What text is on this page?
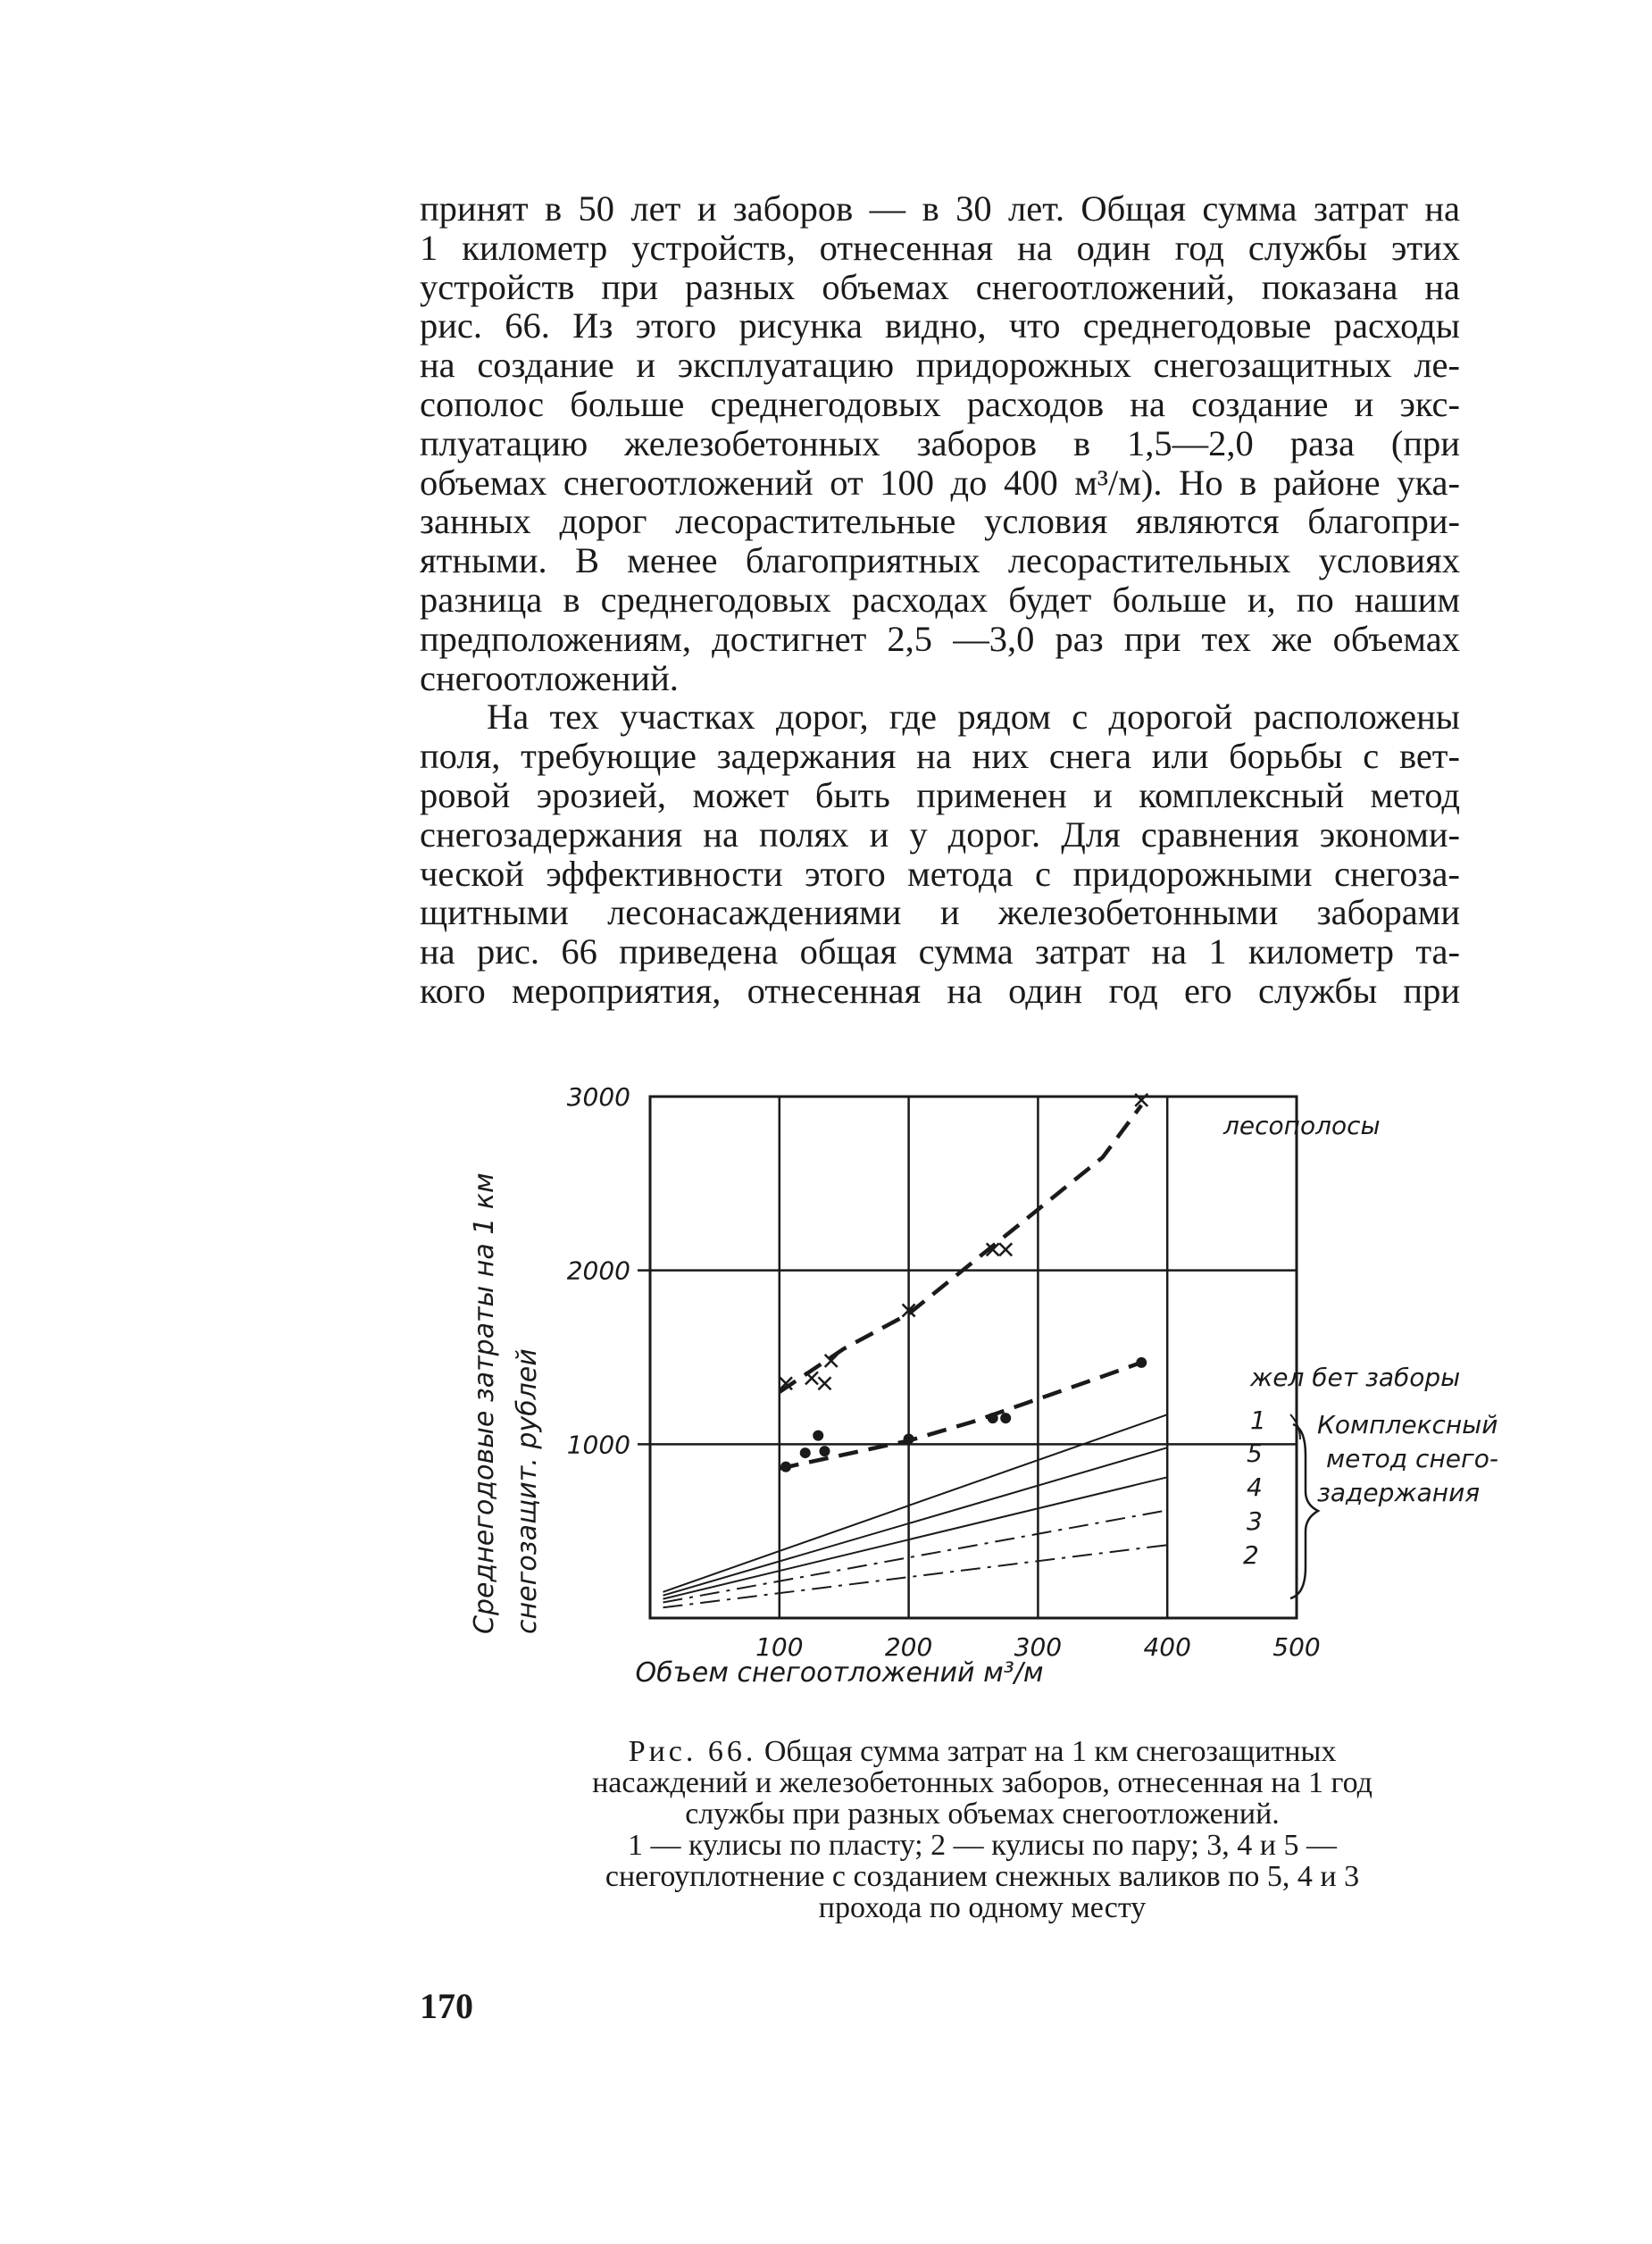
принят в 50 лет и заборов — в 30 лет. Общая сумма затрат на
1 километр устройств, отнесенная на один год службы этих
устройств при разных объемах снегоотложений, показана на
рис. 66. Из этого рисунка видно, что среднегодовые расходы
на создание и эксплуатацию придорожных снегозащитных ле-
сополос больше среднегодовых расходов на создание и экс-
плуатацию железобетонных заборов в 1,5—2,0 раза (при
объемах снегоотложений от 100 до 400 м³/м). Но в районе ука-
занных дорог лесорастительные условия являются благопри-
ятными. В менее благоприятных лесорастительных условиях
разница в среднегодовых расходах будет больше и, по нашим
предположениям, достигнет 2,5 —3,0 раз при тех же объемах
снегоотложений.
На тех участках дорог, где рядом с дорогой расположены
поля, требующие задержания на них снега или борьбы с вет-
ровой эрозией, может быть применен и комплексный метод
снегозадержания на полях и у дорог. Для сравнения экономи-
ческой эффективности этого метода с придорожными снегоза-
щитными лесонасаждениями и железобетонными заборами
на рис. 66 приведена общая сумма затрат на 1 километр та-
кого мероприятия, отнесенная на один год его службы при
100	200	300	400	500
1000
2000
3000
Среднегодовые затраты на 1 км снегозащит. рублей
Объем снегоотложений м³/м
лесополосы
жел бет заборы
Комплексный
метод снего-
задержания
1
5
4
3
2
Рис. 66. Общая сумма затрат на 1 км снегозащитных
насаждений и железобетонных заборов, отнесенная на 1 год
службы при разных объемах снегоотложений.
1 — кулисы по пласту; 2 — кулисы по пару; 3, 4 и 5 —
снегоуплотнение с созданием снежных валиков по 5, 4 и 3
прохода по одному месту
170
